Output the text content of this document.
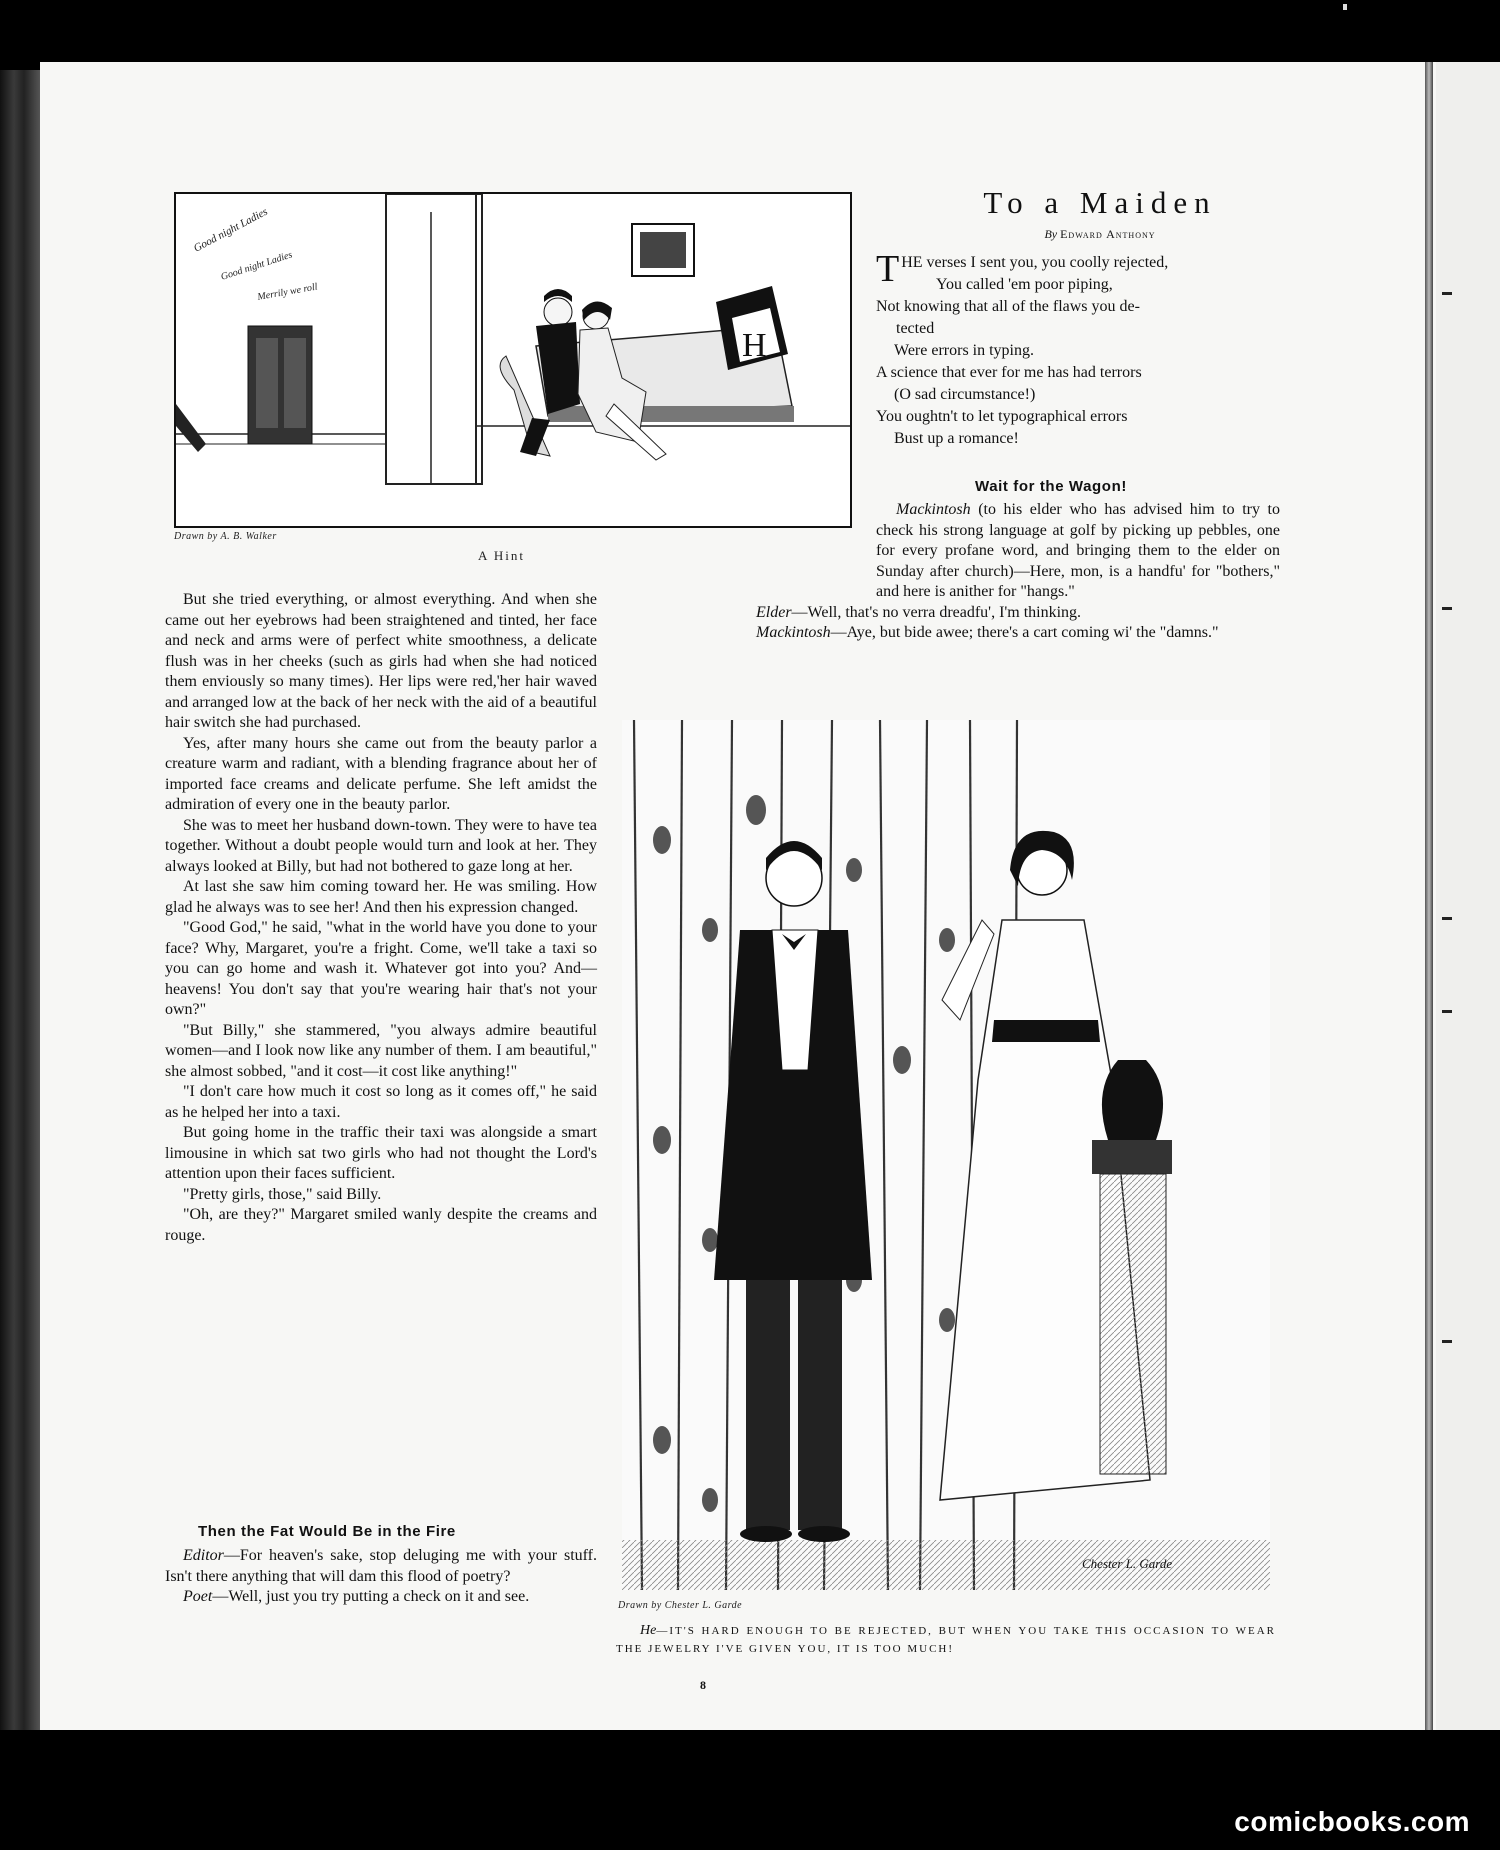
H
Good night Ladies
Good night Ladies
Merrily we roll
Drawn by A. B. Walker
A Hint
To a Maiden
By Edward Anthony
THE verses I sent you, you coolly rejected,
You called 'em poor piping,
Not knowing that all of the flaws you de-
tected
Were errors in typing.
A science that ever for me has had terrors
(O sad circumstance!)
You oughtn't to let typographical errors
Bust up a romance!
Wait for the Wagon!

Mackintosh (to his elder who has advised him to try to check his strong language at golf by picking up pebbles, one for every profane word, and bringing them to the elder on Sunday after church)—Here, mon, is a handfu' for "bothers," and here is anither for "hangs."

Elder—Well, that's no verra dreadfu', I'm thinking.

Mackintosh—Aye, but bide awee; there's a cart coming wi' the "damns."

But she tried everything, or almost everything. And when she came out her eyebrows had been straightened and tinted, her face and neck and arms were of perfect white smoothness, a delicate flush was in her cheeks (such as girls had when she had noticed them enviously so many times). Her lips were red,'her hair waved and arranged low at the back of her neck with the aid of a beautiful hair switch she had purchased.

Yes, after many hours she came out from the beauty parlor a creature warm and radiant, with a blending fragrance about her of imported face creams and delicate perfume. She left amidst the admiration of every one in the beauty parlor.

She was to meet her husband down-town. They were to have tea together. Without a doubt people would turn and look at her. They always looked at Billy, but had not bothered to gaze long at her.

At last she saw him coming toward her. He was smiling. How glad he always was to see her! And then his expression changed.

"Good God," he said, "what in the world have you done to your face? Why, Margaret, you're a fright. Come, we'll take a taxi so you can go home and wash it. Whatever got into you? And—heavens! You don't say that you're wearing hair that's not your own?"

"But Billy," she stammered, "you always admire beautiful women—and I look now like any number of them. I am beautiful," she almost sobbed, "and it cost—it cost like anything!"

"I don't care how much it cost so long as it comes off," he said as he helped her into a taxi.

But going home in the traffic their taxi was alongside a smart limousine in which sat two girls who had not thought the Lord's attention upon their faces sufficient.

"Pretty girls, those," said Billy.

"Oh, are they?" Margaret smiled wanly despite the creams and rouge.

Then the Fat Would Be in the Fire

Editor—For heaven's sake, stop deluging me with your stuff. Isn't there anything that will dam this flood of poetry?

Poet—Well, just you try putting a check on it and see.

Chester L. Garde
Drawn by Chester L. Garde
He—IT'S HARD ENOUGH TO BE REJECTED, BUT WHEN YOU TAKE THIS OCCASION TO WEAR THE JEWELRY I'VE GIVEN YOU, IT IS TOO MUCH!
8
comicbooks.com
